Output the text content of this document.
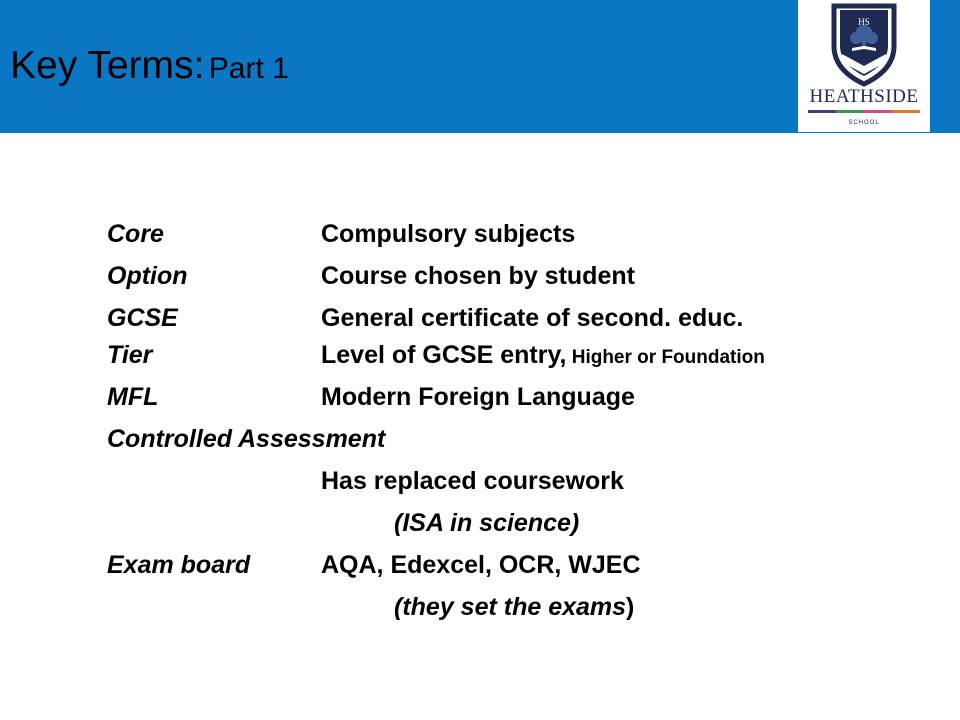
Key Terms: Part 1
HS
HEATHSIDE
SCHOOL
Core	Compulsory subjects
Option	Course chosen by student
GCSE	General certificate of second. educ.
Tier	Level of GCSE entry, Higher or Foundation
MFL	Modern Foreign Language
Controlled Assessment
Has replaced coursework
(ISA in science)
Exam board	AQA, Edexcel, OCR, WJEC
(they set the exams)
